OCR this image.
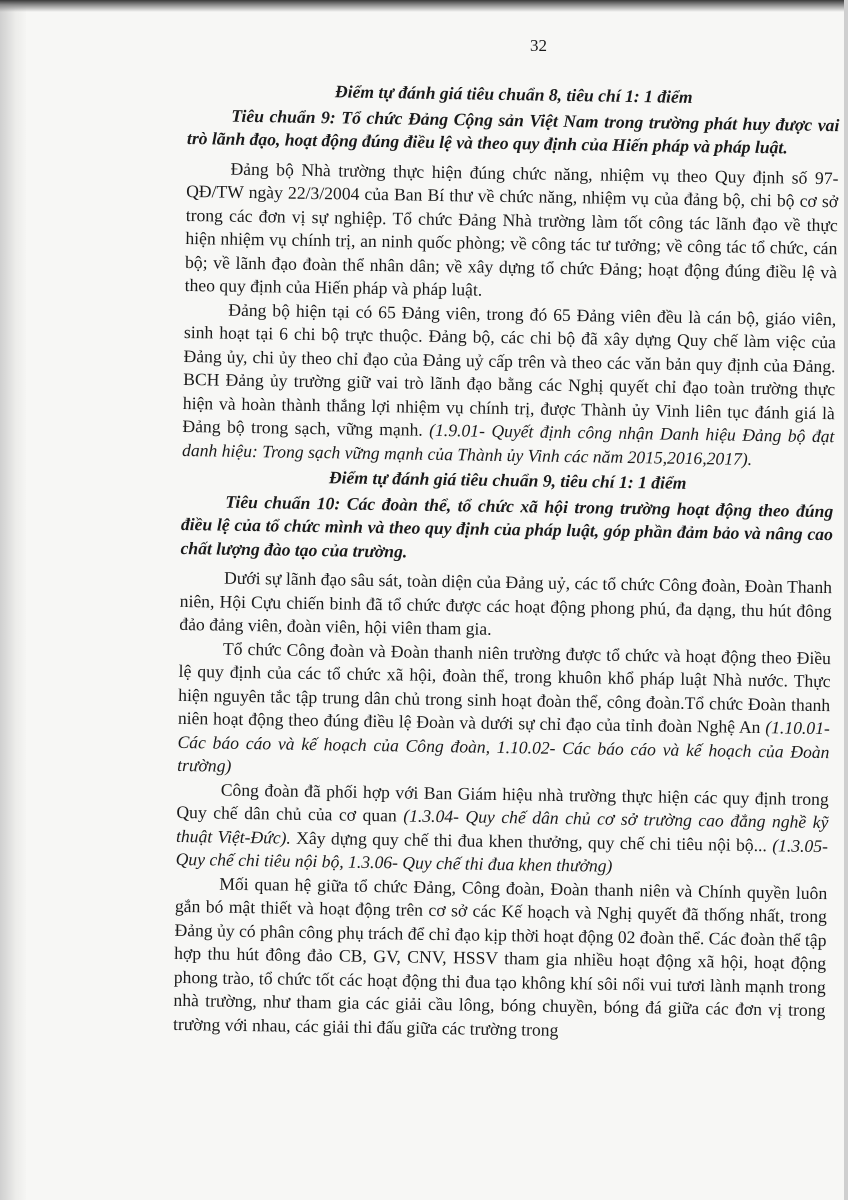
32

Điểm tự đánh giá tiêu chuẩn 8, tiêu chí 1: 1 điểm

Tiêu chuẩn 9: Tổ chức Đảng Cộng sản Việt Nam trong trường phát huy được vai trò lãnh đạo, hoạt động đúng điều lệ và theo quy định của Hiến pháp và pháp luật.

Đảng bộ Nhà trường thực hiện đúng chức năng, nhiệm vụ theo Quy định số 97-QĐ/TW ngày 22/3/2004 của Ban Bí thư về chức năng, nhiệm vụ của đảng bộ, chi bộ cơ sở trong các đơn vị sự nghiệp. Tổ chức Đảng Nhà trường làm tốt công tác lãnh đạo về thực hiện nhiệm vụ chính trị, an ninh quốc phòng; về công tác tư tưởng; về công tác tổ chức, cán bộ; về lãnh đạo đoàn thể nhân dân; về xây dựng tổ chức Đảng; hoạt động đúng điều lệ và theo quy định của Hiến pháp và pháp luật.

Đảng bộ hiện tại có 65 Đảng viên, trong đó 65 Đảng viên đều là cán bộ, giáo viên, sinh hoạt tại 6 chi bộ trực thuộc. Đảng bộ, các chi bộ đã xây dựng Quy chế làm việc của Đảng ủy, chi ủy theo chỉ đạo của Đảng uỷ cấp trên và theo các văn bản quy định của Đảng. BCH Đảng ủy trường giữ vai trò lãnh đạo bằng các Nghị quyết chỉ đạo toàn trường thực hiện và hoàn thành thắng lợi nhiệm vụ chính trị, được Thành ủy Vinh liên tục đánh giá là Đảng bộ trong sạch, vững mạnh. (1.9.01- Quyết định công nhận Danh hiệu Đảng bộ đạt danh hiệu: Trong sạch vững mạnh của Thành ủy Vinh các năm 2015,2016,2017).

Điểm tự đánh giá tiêu chuẩn 9, tiêu chí 1: 1 điểm

Tiêu chuẩn 10: Các đoàn thể, tổ chức xã hội trong trường hoạt động theo đúng điều lệ của tổ chức mình và theo quy định của pháp luật, góp phần đảm bảo và nâng cao chất lượng đào tạo của trường.

Dưới sự lãnh đạo sâu sát, toàn diện của Đảng uỷ, các tổ chức Công đoàn, Đoàn Thanh niên, Hội Cựu chiến binh đã tổ chức được các hoạt động phong phú, đa dạng, thu hút đông đảo đảng viên, đoàn viên, hội viên tham gia.

Tổ chức Công đoàn và Đoàn thanh niên trường được tổ chức và hoạt động theo Điều lệ quy định của các tổ chức xã hội, đoàn thể, trong khuôn khổ pháp luật Nhà nước. Thực hiện nguyên tắc tập trung dân chủ trong sinh hoạt đoàn thể, công đoàn.Tổ chức Đoàn thanh niên hoạt động theo đúng điều lệ Đoàn và dưới sự chỉ đạo của tỉnh đoàn Nghệ An (1.10.01- Các báo cáo và kế hoạch của Công đoàn, 1.10.02- Các báo cáo và kế hoạch của Đoàn trường)

Công đoàn đã phối hợp với Ban Giám hiệu nhà trường thực hiện các quy định trong Quy chế dân chủ của cơ quan (1.3.04- Quy chế dân chủ cơ sở trường cao đẳng nghề kỹ thuật Việt-Đức). Xây dựng quy chế thi đua khen thưởng, quy chế chi tiêu nội bộ... (1.3.05- Quy chế chi tiêu nội bộ, 1.3.06- Quy chế thi đua khen thưởng)

Mối quan hệ giữa tổ chức Đảng, Công đoàn, Đoàn thanh niên và Chính quyền luôn gắn bó mật thiết và hoạt động trên cơ sở các Kế hoạch và Nghị quyết đã thống nhất, trong Đảng ủy có phân công phụ trách để chỉ đạo kịp thời hoạt động 02 đoàn thể. Các đoàn thể tập hợp thu hút đông đảo CB, GV, CNV, HSSV tham gia nhiều hoạt động xã hội, hoạt động phong trào, tổ chức tốt các hoạt động thi đua tạo không khí sôi nổi vui tươi lành mạnh trong nhà trường, như tham gia các giải cầu lông, bóng chuyền, bóng đá giữa các đơn vị trong trường với nhau, các giải thi đấu giữa các trường trong
